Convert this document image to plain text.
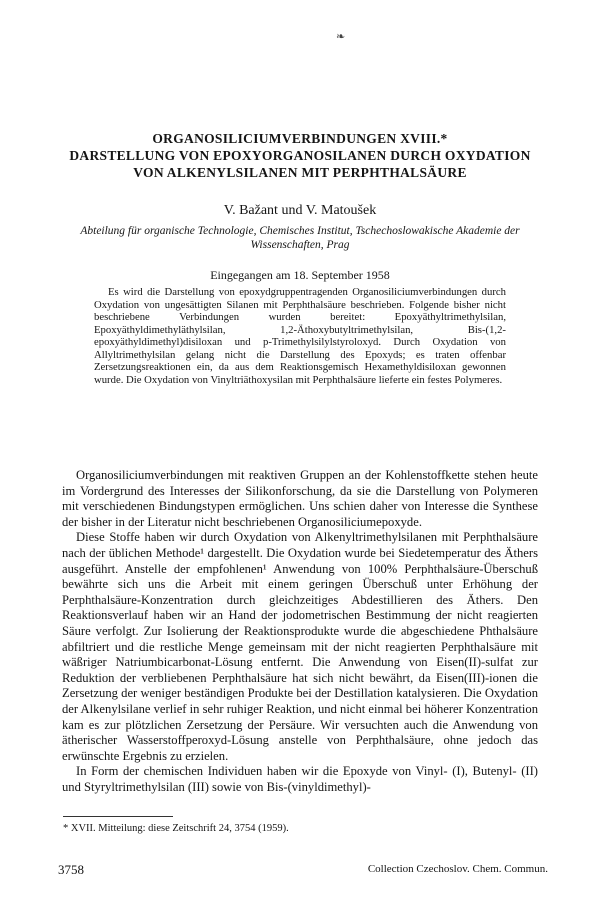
❧
ORGANOSILICIUMVERBINDUNGEN XVIII.*
DARSTELLUNG VON EPOXYORGANOSILANEN DURCH OXYDATION
VON ALKENYLSILANEN MIT PERPHTHALSÄURE
V. Bažant und V. Matoušek
Abteilung für organische Technologie, Chemisches Institut, Tschechoslowakische Akademie der Wissenschaften, Prag
Eingegangen am 18. September 1958
Es wird die Darstellung von epoxydgruppentragenden Organosiliciumverbindungen durch Oxydation von ungesättigten Silanen mit Perphthalsäure beschrieben. Folgende bisher nicht beschriebene Verbindungen wurden bereitet: Epoxyäthyltrimethylsilan, Epoxyäthyldimethyläthylsilan, 1,2-Äthoxybutyltrimethylsilan, Bis-(1,2-epoxyäthyldimethyl)disiloxan und p-Trimethylsilylstyroloxyd. Durch Oxydation von Allyltrimethylsilan gelang nicht die Darstellung des Epoxyds; es traten offenbar Zersetzungsreaktionen ein, da aus dem Reaktionsgemisch Hexamethyldisiloxan gewonnen wurde. Die Oxydation von Vinyltriäthoxysilan mit Perphthalsäure lieferte ein festes Polymeres.

Organosiliciumverbindungen mit reaktiven Gruppen an der Kohlenstoffkette stehen heute im Vordergrund des Interesses der Silikonforschung, da sie die Darstellung von Polymeren mit verschiedenen Bindungstypen ermöglichen. Uns schien daher von Interesse die Synthese der bisher in der Literatur nicht beschriebenen Organosiliciumepoxyde.

Diese Stoffe haben wir durch Oxydation von Alkenyltrimethylsilanen mit Perphthalsäure nach der üblichen Methode¹ dargestellt. Die Oxydation wurde bei Siedetemperatur des Äthers ausgeführt. Anstelle der empfohlenen¹ Anwendung von 100% Perphthalsäure-Überschuß bewährte sich uns die Arbeit mit einem geringen Überschuß unter Erhöhung der Perphthalsäure-Konzentration durch gleichzeitiges Abdestillieren des Äthers. Den Reaktionsverlauf haben wir an Hand der jodometrischen Bestimmung der nicht reagierten Säure verfolgt. Zur Isolierung der Reaktionsprodukte wurde die abgeschiedene Phthalsäure abfiltriert und die restliche Menge gemeinsam mit der nicht reagierten Perphthalsäure mit wäßriger Natriumbicarbonat-Lösung entfernt. Die Anwendung von Eisen(II)-sulfat zur Reduktion der verbliebenen Perphthalsäure hat sich nicht bewährt, da Eisen(III)-ionen die Zersetzung der weniger beständigen Produkte bei der Destillation katalysieren. Die Oxydation der Alkenylsilane verlief in sehr ruhiger Reaktion, und nicht einmal bei höherer Konzentration kam es zur plötzlichen Zersetzung der Persäure. Wir versuchten auch die Anwendung von ätherischer Wasserstoffperoxyd-Lösung anstelle von Perphthalsäure, ohne jedoch das erwünschte Ergebnis zu erzielen.

In Form der chemischen Individuen haben wir die Epoxyde von Vinyl- (I), Butenyl- (II) und Styryltrimethylsilan (III) sowie von Bis-(vinyldimethyl)-

* XVII. Mitteilung: diese Zeitschrift 24, 3754 (1959).
3758	Collection Czechoslov. Chem. Commun.
